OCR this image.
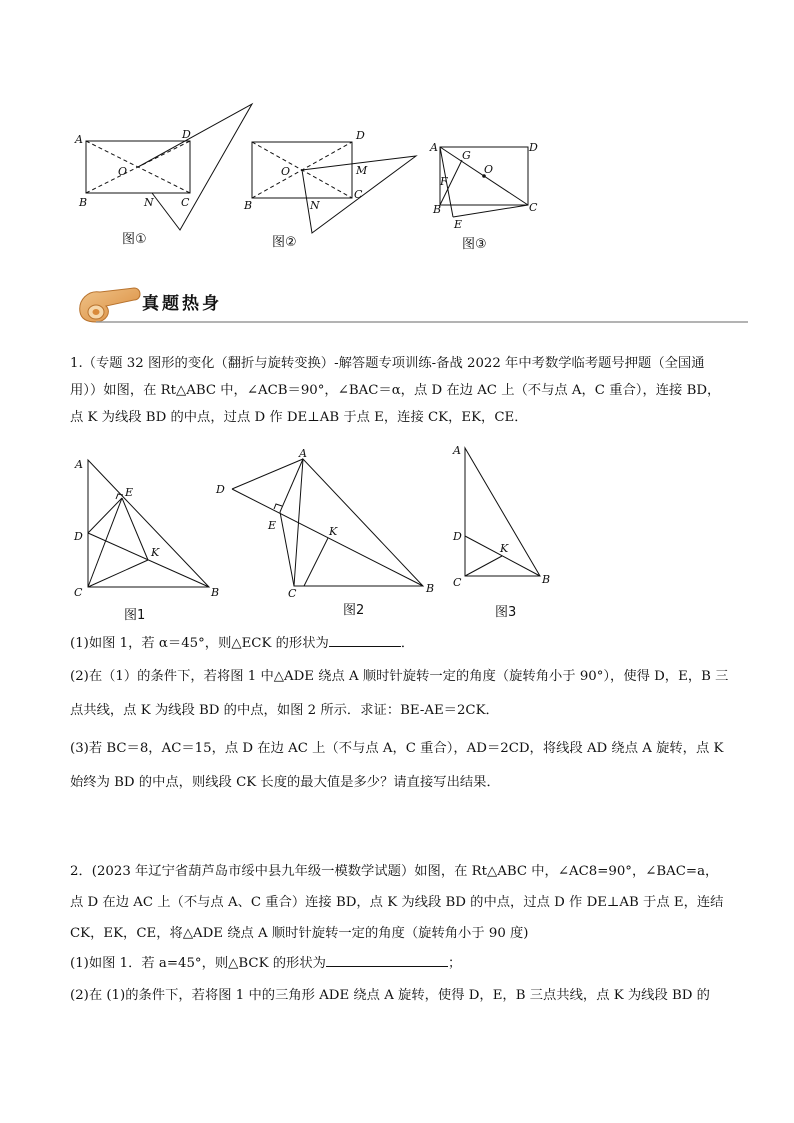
A	D
O
B	N C
图①
D
O	M
B	N
C
图②
A
G
O
D
F
B
E
C
图③
真题热身
1.（专题 32 图形的变化（翻折与旋转变换）-解答题专项训练-备战 2022 年中考数学临考题号押题（全国通用））如图，在 Rt△ABC 中，∠ACB＝90°，∠BAC＝α，点 D 在边 AC 上（不与点 A，C 重合），连接 BD，点 K 为线段 BD 的中点，过点 D 作 DE⊥AB 于点 E，连接 CK，EK，CE．
A
E
D
K
C	B
图1
A
D
E	K
C	B
图2
A
D
K
C	B
图3
(1)如图 1，若 α＝45°，则△ECK 的形状为	．
(2)在（1）的条件下，若将图 1 中△ADE 绕点 A 顺时针旋转一定的角度（旋转角小于 90°），使得 D，E，B 三点共线，点 K 为线段 BD 的中点，如图 2 所示．求证：BE-AE＝2CK．
(3)若 BC＝8，AC＝15，点 D 在边 AC 上（不与点 A，C 重合），AD＝2CD，将线段 AD 绕点 A 旋转，点 K 始终为 BD 的中点，则线段 CK 长度的最大值是多少？请直接写出结果．
2．(2023 年辽宁省葫芦岛市绥中县九年级一模数学试题）如图，在 Rt△ABC 中，∠AC8=90°，∠BAC=a，点 D 在边 AC 上（不与点 A、C 重合）连接 BD，点 K 为线段 BD 的中点，过点 D 作 DE⊥AB 于点 E，连结 CK，EK，CE，将△ADE 绕点 A 顺时针旋转一定的角度（旋转角小于 90 度)
(1)如图 1．若 a=45°，则△BCK 的形状为	；
(2)在 (1)的条件下，若将图 1 中的三角形 ADE 绕点 A 旋转，使得 D，E，B 三点共线，点 K 为线段 BD 的
